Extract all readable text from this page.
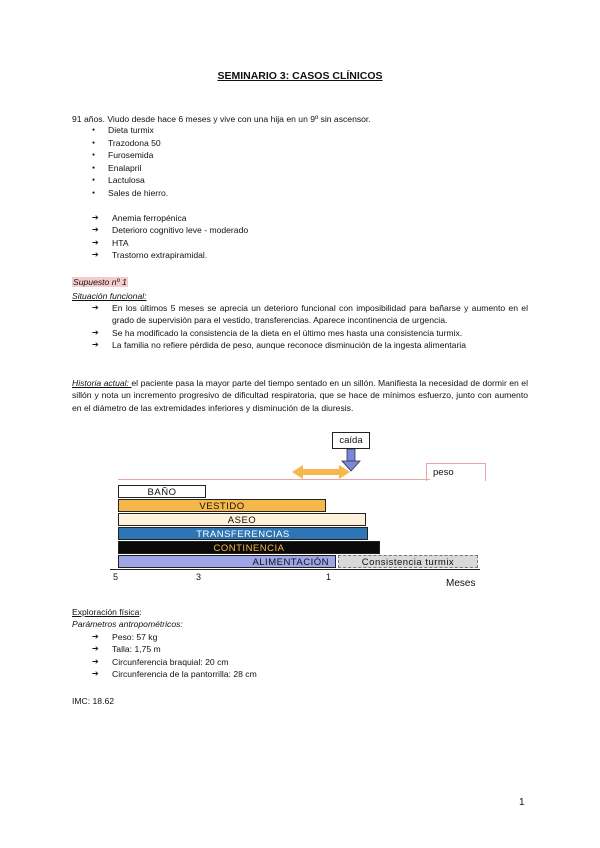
SEMINARIO 3: CASOS CLÍNICOS
91 años. Viudo desde hace 6 meses y vive con una hija en un 9º sin ascensor.
● Dieta turmix
● Trazodona 50
● Furosemida
● Enalapril
● Lactulosa
● Sales de hierro.
➔ Anemia ferropénica
➔ Deterioro cognitivo leve - moderado
➔ HTA
➔ Trastorno extrapiramidal.
Supuesto nº 1
Situación funcional:
➔ En los últimos 5 meses se aprecia un deterioro funcional con imposibilidad para bañarse y aumento en el grado de supervisión para el vestido, transferencias. Aparece incontinencia de urgencia.
➔ Se ha modificado la consistencia de la dieta en el último mes hasta una consistencia turmix.
➔ La familia no refiere pérdida de peso, aunque reconoce disminución de la ingesta alimentaria
Historia actual: el paciente pasa la mayor parte del tiempo sentado en un sillón. Manifiesta la necesidad de dormir en el sillón y nota un incremento progresivo de dificultad respiratoria, que se hace de mínimos esfuerzo, junto con aumento en el diámetro de las extremidades inferiores y disminución de la diuresis.
caída
peso
BAÑO
VESTIDO
ASEO
TRANSFERENCIAS
CONTINENCIA
ALIMENTACIÓN	Consistencia turmix
5	3	1
Meses
Exploración física:
Parámetros antropométricos:
➔ Peso: 57 kg
➔ Talla: 1,75 m
➔ Circunferencia braquial: 20 cm
➔ Circunferencia de la pantorrilla: 28 cm
IMC: 18.62
1
